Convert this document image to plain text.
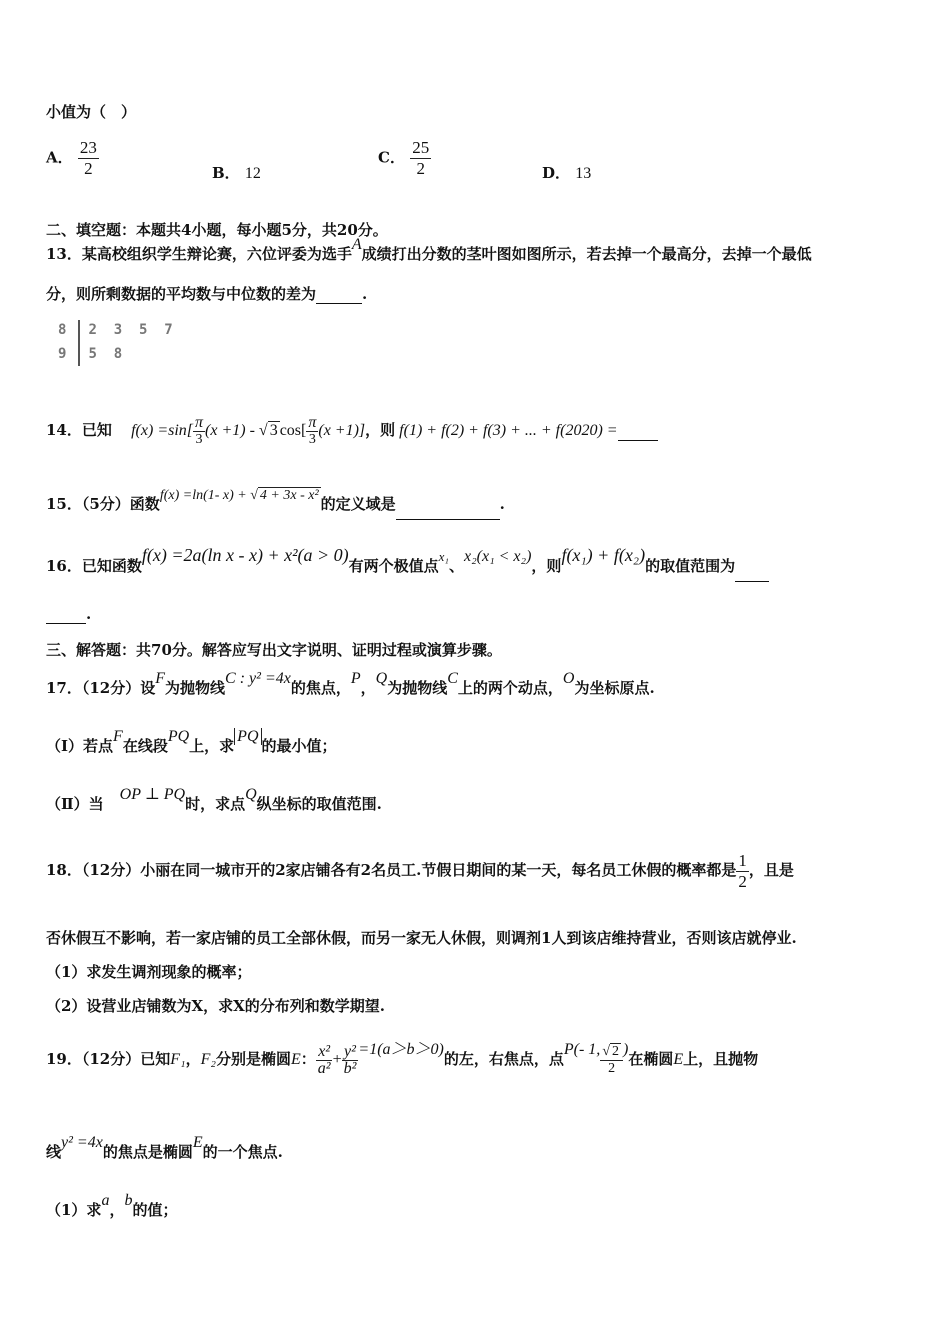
小值为（　）
A． $\frac{23}{2}$	B． 12
C． $\frac{25}{2}$	D． 13
二、填空题：本题共4小题，每小题5分，共20分。
13．某高校组织学生辩论赛，六位评委为选手A成绩打出分数的茎叶图如图所示，若去掉一个最高分，去掉一个最低
分，则所剩数据的平均数与中位数的差为	.
8 2  3  5  7
9 5  8
14．已知 $f(x) =\sin[ \frac{\pi}{3} (x +1)$ - √ 3 $\cos[ \frac{\pi}{3} (x +1)]$，则 f(1) + f(2) + f(3) + ... + f(2020) =
15．（5分）函数f(x) =ln(1- x) + √ 4 + 3x - x² 的定义域是	.
16．已知函数f(x) =2a(ln x - x) + x²(a > 0)有两个极值点x₁、x₂(x₁ < x₂)，则f(x₁) + f(x₂)的取值范围为
.
三、解答题：共70分。解答应写出文字说明、证明过程或演算步骤。
17．（12分）设F为抛物线C : y² =4x的焦点，P，Q为抛物线C上的两个动点，O为坐标原点.
（Ⅰ）若点F在线段PQ上，求PQ的最小值；
（Ⅱ）当OP ⊥ PQ时，求点Q纵坐标的取值范围.
18．（12分）小丽在同一城市开的2家店铺各有2名员工.节假日期间的某一天，每名员工休假的概率都是 $\frac{1}{2}$ ，且是
否休假互不影响，若一家店铺的员工全部休假，而另一家无人休假，则调剂1人到该店维持营业，否则该店就停业.
（1）求发生调剂现象的概率；
（2）设营业店铺数为X，求X的分布列和数学期望.
19．（12分）已知F₁，F₂分别是椭圆E： $\frac{\text{x²}}{\text{a²}} + \frac{\text{y²}}{\text{b²}} =1(a>b>0)$的左，右焦点，点P(- 1, $\frac{√ 2}{2}$ )在椭圆E上，且抛物
线y² =4x的焦点是椭圆E的一个焦点.
（1）求a，b的值；
